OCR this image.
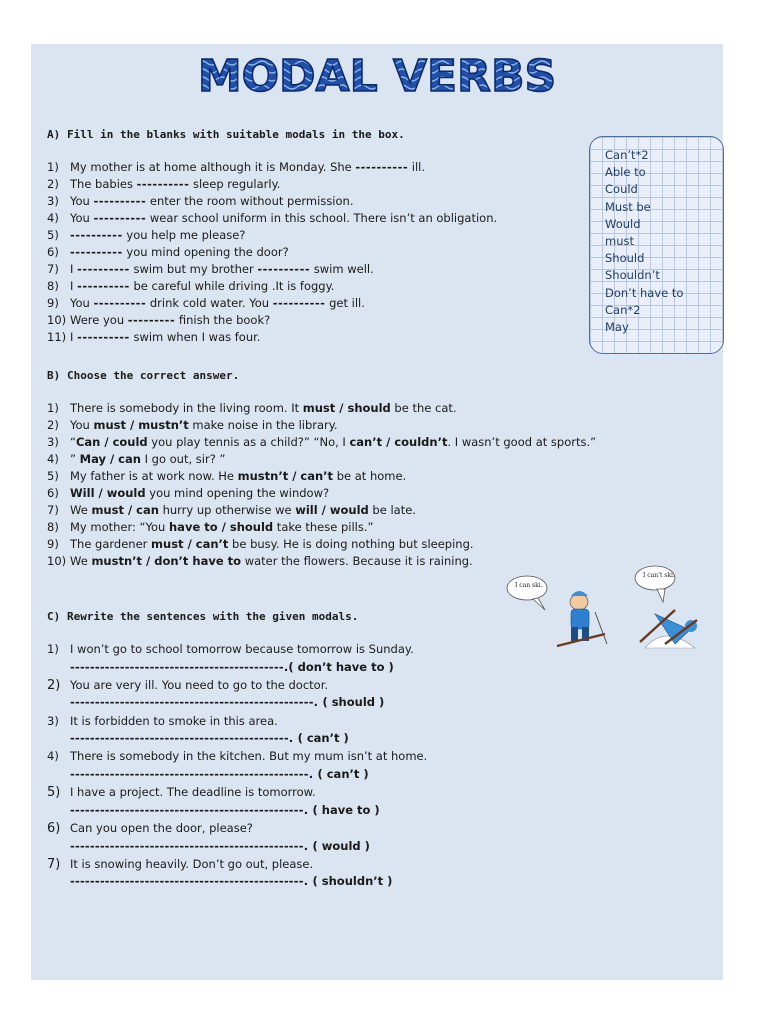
MODAL VERBS
A) Fill in the blanks with suitable modals in the box.
1) My mother is at home although it is Monday. She ---------- ill.
2) The babies ---------- sleep regularly.
3) You ---------- enter the room without permission.
4) You ---------- wear school uniform in this school. There isn’t an obligation.
5) ---------- you help me please?
6) ---------- you mind opening the door?
7) I ---------- swim but my brother ---------- swim well.
8) I ---------- be careful while driving .It is foggy.
9) You ---------- drink cold water. You ---------- get ill.
10) Were you --------- finish the book?
11) I ---------- swim when I was four.
Can’t*2
Able to
Could
Must be
Would
must
Should
Shouldn’t
Don’t have to
Can*2
May
B) Choose the correct answer.
1) There is somebody in the living room. It must / should be the cat.
2) You must / mustn’t make noise in the library.
3) “Can / could you play tennis as a child?” “No, I can’t / couldn’t. I wasn’t good at sports.”
4) ” May / can I go out, sir? ”
5) My father is at work now. He mustn’t / can’t be at home.
6) Will / would you mind opening the window?
7) We must / can hurry up otherwise we will / would be late.
8) My mother: “You have to / should take these pills.”
9) The gardener must / can’t be busy. He is doing nothing but sleeping.
10) We mustn’t / don’t have to water the flowers. Because it is raining.
I can ski.
I can’t ski.
C) Rewrite the sentences with the given modals.
1) I won’t go to school tomorrow because tomorrow is Sunday.
-------------------------------------------.( don’t have to )
2) You are very ill. You need to go to the doctor.
-------------------------------------------------. ( should )
3) It is forbidden to smoke in this area.
--------------------------------------------. ( can’t )
4) There is somebody in the kitchen. But my mum isn’t at home.
------------------------------------------------. ( can’t )
5) I have a project. The deadline is tomorrow.
-----------------------------------------------. ( have to )
6) Can you open the door, please?
-----------------------------------------------. ( would )
7) It is snowing heavily. Don’t go out, please.
-----------------------------------------------. ( shouldn’t )
